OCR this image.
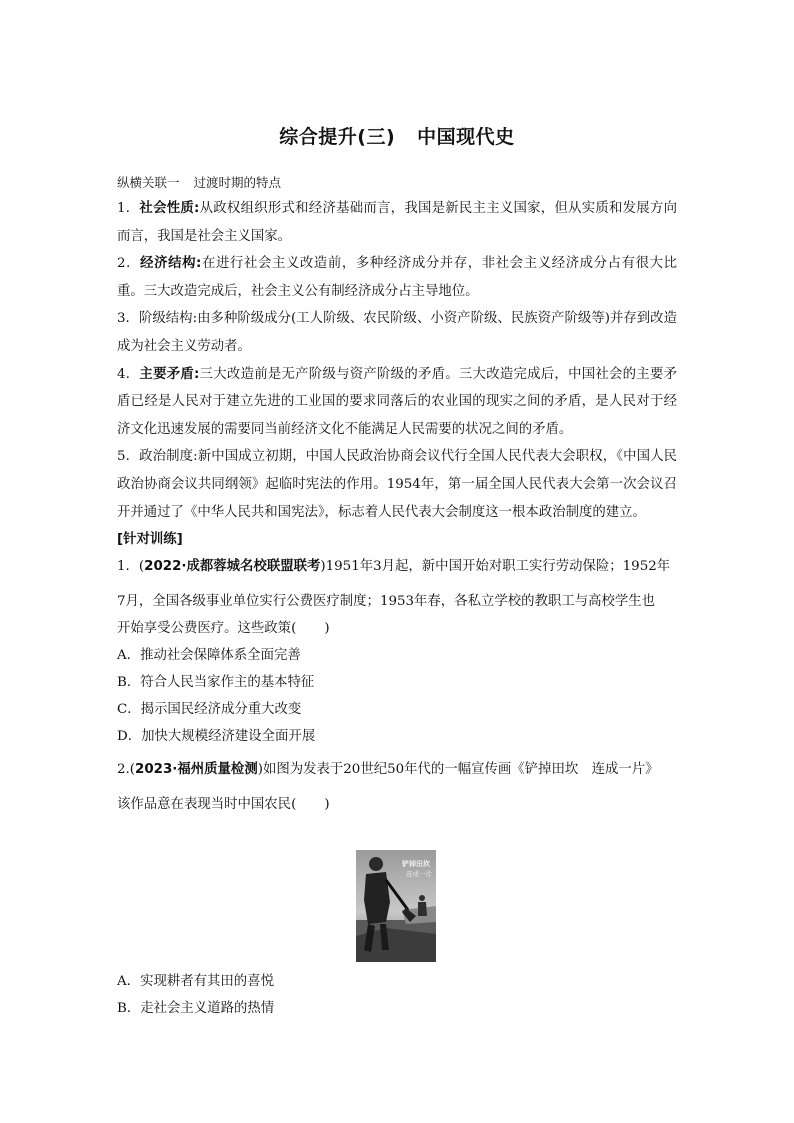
综合提升(三) 中国现代史
纵横关联一 过渡时期的特点
1．社会性质:从政权组织形式和经济基础而言，我国是新民主主义国家，但从实质和发展方向而言，我国是社会主义国家。
2．经济结构:在进行社会主义改造前，多种经济成分并存，非社会主义经济成分占有很大比重。三大改造完成后，社会主义公有制经济成分占主导地位。
3．阶级结构:由多种阶级成分(工人阶级、农民阶级、小资产阶级、民族资产阶级等)并存到改造成为社会主义劳动者。
4．主要矛盾:三大改造前是无产阶级与资产阶级的矛盾。三大改造完成后，中国社会的主要矛盾已经是人民对于建立先进的工业国的要求同落后的农业国的现实之间的矛盾，是人民对于经济文化迅速发展的需要同当前经济文化不能满足人民需要的状况之间的矛盾。
5．政治制度:新中国成立初期，中国人民政治协商会议代行全国人民代表大会职权，《中国人民政治协商会议共同纲领》起临时宪法的作用。1954年，第一届全国人民代表大会第一次会议召开并通过了《中华人民共和国宪法》，标志着人民代表大会制度这一根本政治制度的建立。
[针对训练]
1．(2022·成都蓉城名校联盟联考)1951年3月起，新中国开始对职工实行劳动保险；1952年
7月，全国各级事业单位实行公费医疗制度；1953年春，各私立学校的教职工与高校学生也
开始享受公费医疗。这些政策( )
A．推动社会保障体系全面完善
B．符合人民当家作主的基本特征
C．揭示国民经济成分重大改变
D．加快大规模经济建设全面开展
2.(2023·福州质量检测)如图为发表于20世纪50年代的一幅宣传画《铲掉田坎　连成一片》
该作品意在表现当时中国农民( )
铲掉田坎
连成一片
A．实现耕者有其田的喜悦
B．走社会主义道路的热情
